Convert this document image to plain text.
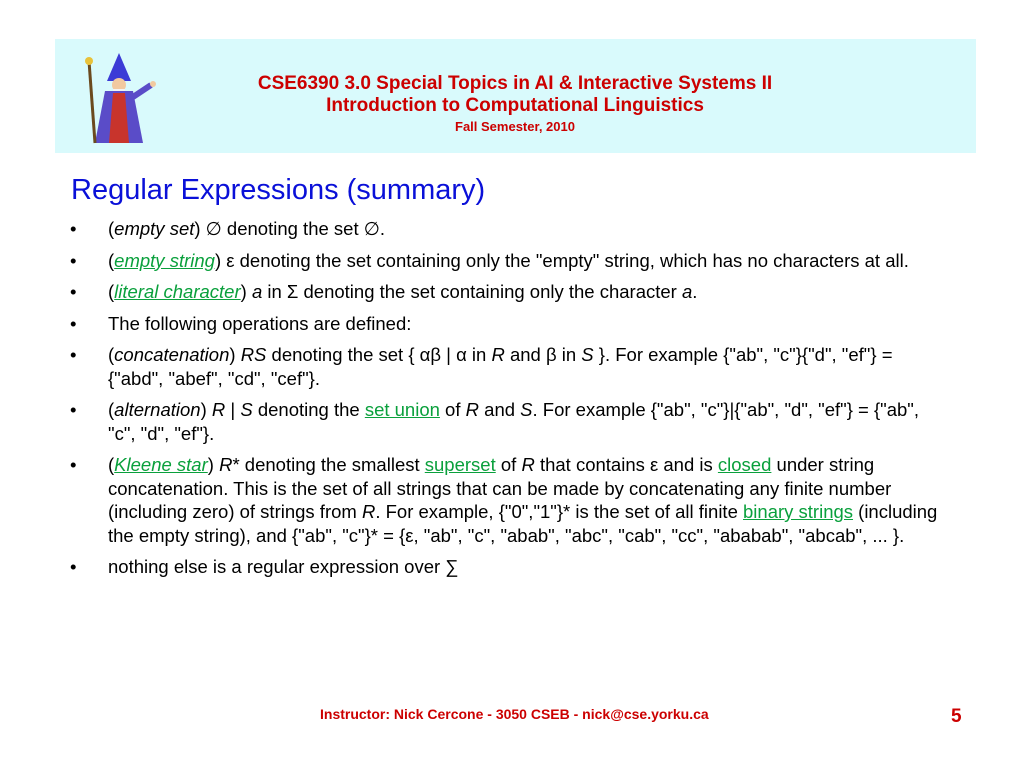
CSE6390 3.0 Special Topics in AI & Interactive Systems II
Introduction to Computational Linguistics
Fall Semester, 2010
Regular Expressions (summary)
• (empty set) ∅ denoting the set ∅.
• (empty string) ε denoting the set containing only the "empty" string, which has no characters at all.
• (literal character) a in Σ denoting the set containing only the character a.
• The following operations are defined:
• (concatenation) RS denoting the set { αβ | α in R and β in S }. For example {"ab", "c"}{"d", "ef"} = {"abd", "abef", "cd", "cef"}.
• (alternation) R | S denoting the set union of R and S. For example {"ab", "c"}|{"ab", "d", "ef"} = {"ab", "c", "d", "ef"}.
• (Kleene star) R* denoting the smallest superset of R that contains ε and is closed under string concatenation. This is the set of all strings that can be made by concatenating any finite number (including zero) of strings from R. For example, {"0","1"}* is the set of all finite binary strings (including the empty string), and {"ab", "c"}* = {ε, "ab", "c", "abab", "abc", "cab", "cc", "ababab", "abcab", ... }.
• nothing else is a regular expression over ∑
Instructor: Nick Cercone - 3050 CSEB - nick@cse.yorku.ca	5
